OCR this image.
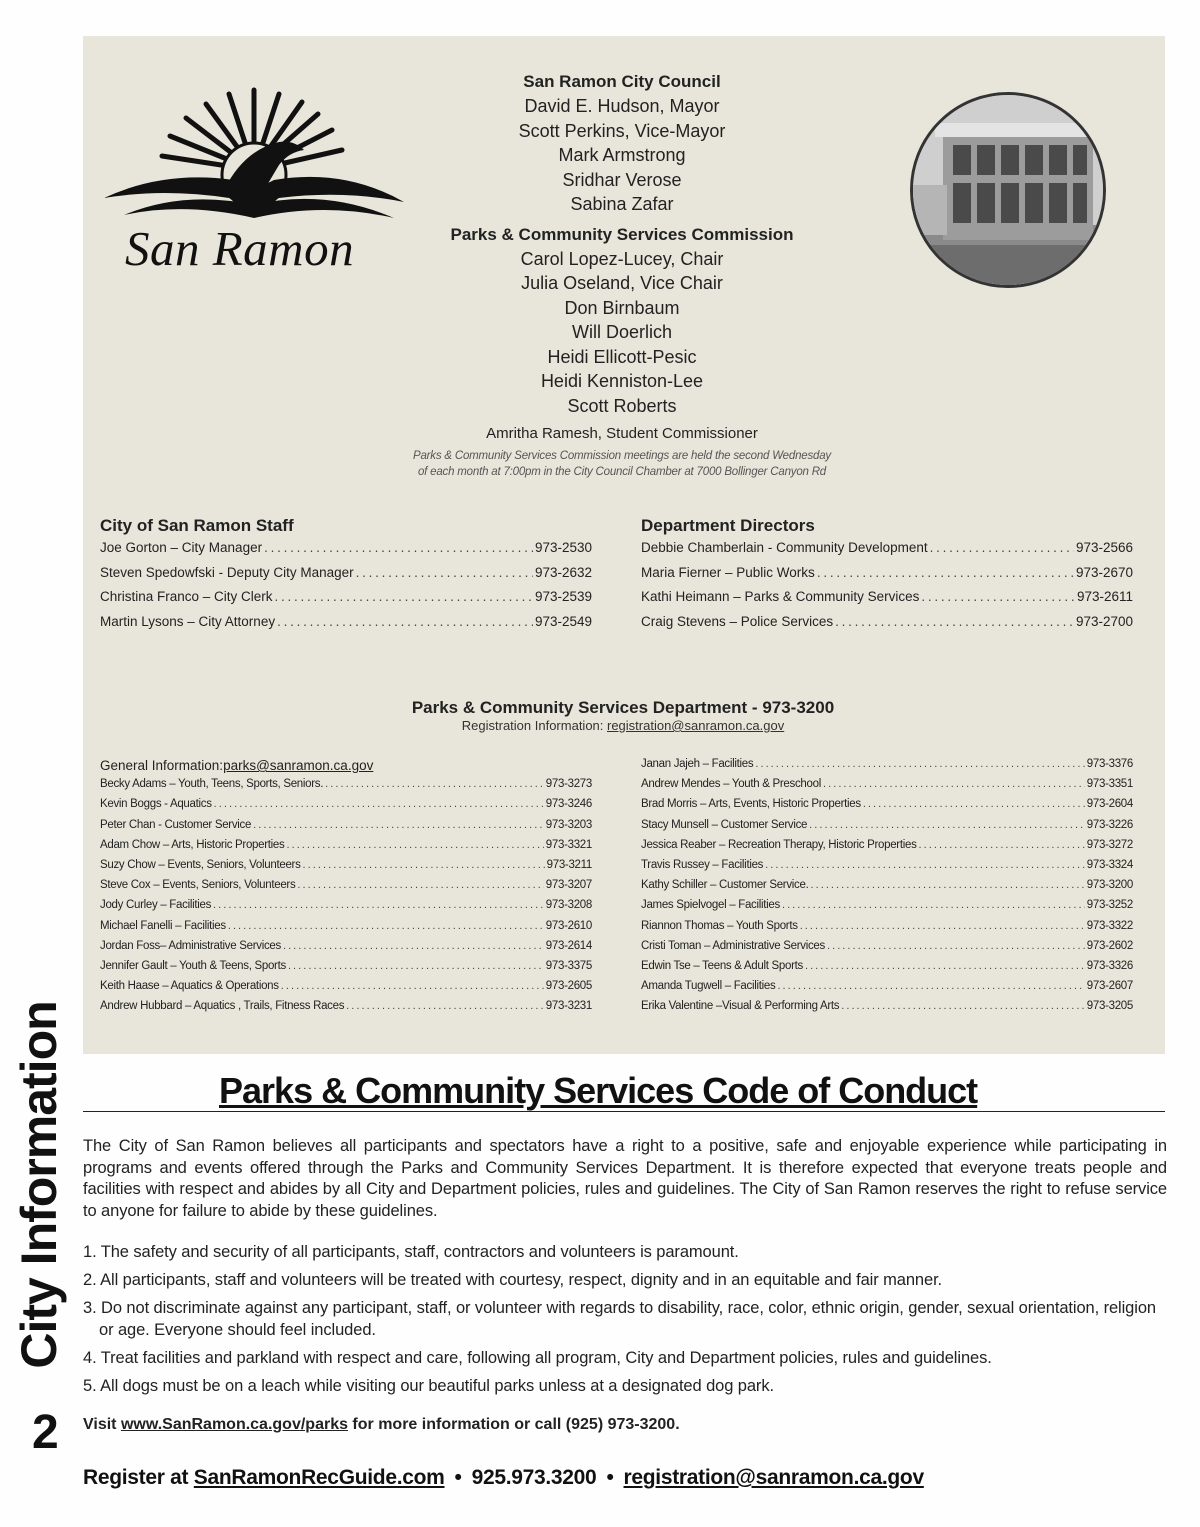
City Information
2
San Ramon
San Ramon City Council
David E. Hudson, Mayor
Scott Perkins, Vice-Mayor
Mark Armstrong
Sridhar Verose
Sabina Zafar
Parks & Community Services Commission
Carol Lopez-Lucey, Chair
Julia Oseland, Vice Chair
Don Birnbaum
Will Doerlich
Heidi Ellicott-Pesic
Heidi Kenniston-Lee
Scott Roberts
Amritha Ramesh, Student Commissioner
Parks & Community Services Commission meetings are held the second Wednesday
of each month at 7:00pm in the City Council Chamber at 7000 Bollinger Canyon Rd
City of San Ramon Staff
Joe Gorton – City Manager . . .	973-2530
Steven Spedowfski - Deputy City Manager . . .	973-2632
Christina Franco – City Clerk . . .	973-2539
Martin Lysons – City Attorney . . .	973-2549
Department Directors
Debbie Chamberlain - Community Development . . .	973-2566
Maria Fierner – Public Works . . .	973-2670
Kathi Heimann – Parks & Community Services . . .	973-2611
Craig Stevens – Police Services . . .	973-2700
Parks & Community Services Department - 973-3200
Registration Information: registration@sanramon.ca.gov
General Information: parks@sanramon.ca.gov
Becky Adams – Youth, Teens, Sports, Seniors. . . .	973-3273
Kevin Boggs - Aquatics . . .	973-3246
Peter Chan - Customer Service . . .	973-3203
Adam Chow – Arts, Historic Properties . . .	973-3321
Suzy Chow – Events, Seniors, Volunteers . . .	973-3211
Steve Cox – Events, Seniors, Volunteers . . .	973-3207
Jody Curley – Facilities . . .	973-3208
Michael Fanelli – Facilities . . .	973-2610
Jordan Foss– Administrative Services . . .	973-2614
Jennifer Gault – Youth & Teens, Sports . . .	973-3375
Keith Haase – Aquatics & Operations . . .	973-2605
Andrew Hubbard – Aquatics , Trails, Fitness Races . . .	973-3231
Janan Jajeh – Facilities . . .	973-3376
Andrew Mendes – Youth & Preschool . . .	973-3351
Brad Morris – Arts, Events, Historic Properties . . .	973-2604
Stacy Munsell – Customer Service . . .	973-3226
Jessica Reaber – Recreation Therapy, Historic Properties . . .	973-3272
Travis Russey – Facilities . . .	973-3324
Kathy Schiller – Customer Service. . . .	973-3200
James Spielvogel – Facilities . . .	973-3252
Riannon Thomas – Youth Sports . . .	973-3322
Cristi Toman – Administrative Services . . .	973-2602
Edwin Tse – Teens & Adult Sports . . .	973-3326
Amanda Tugwell – Facilities . . .	973-2607
Erika Valentine –Visual & Performing Arts . . .	973-3205
Parks & Community Services Code of Conduct
The City of San Ramon believes all participants and spectators have a right to a positive, safe and enjoyable experience while participating in programs and events offered through the Parks and Community Services Department. It is therefore expected that everyone treats people and facilities with respect and abides by all City and Department policies, rules and guidelines. The City of San Ramon reserves the right to refuse service to anyone for failure to abide by these guidelines.
1. The safety and security of all participants, staff, contractors and volunteers is paramount.
2. All participants, staff and volunteers will be treated with courtesy, respect, dignity and in an equitable and fair manner.
3. Do not discriminate against any participant, staff, or volunteer with regards to disability, race, color, ethnic origin, gender, sexual orientation, religion or age. Everyone should feel included.
4. Treat facilities and parkland with respect and care, following all program, City and Department policies, rules and guidelines.
5. All dogs must be on a leach while visiting our beautiful parks unless at a designated dog park.
Visit www.SanRamon.ca.gov/parks for more information or call (925) 973-3200.
Register at SanRamonRecGuide.com • 925.973.3200 • registration@sanramon.ca.gov
